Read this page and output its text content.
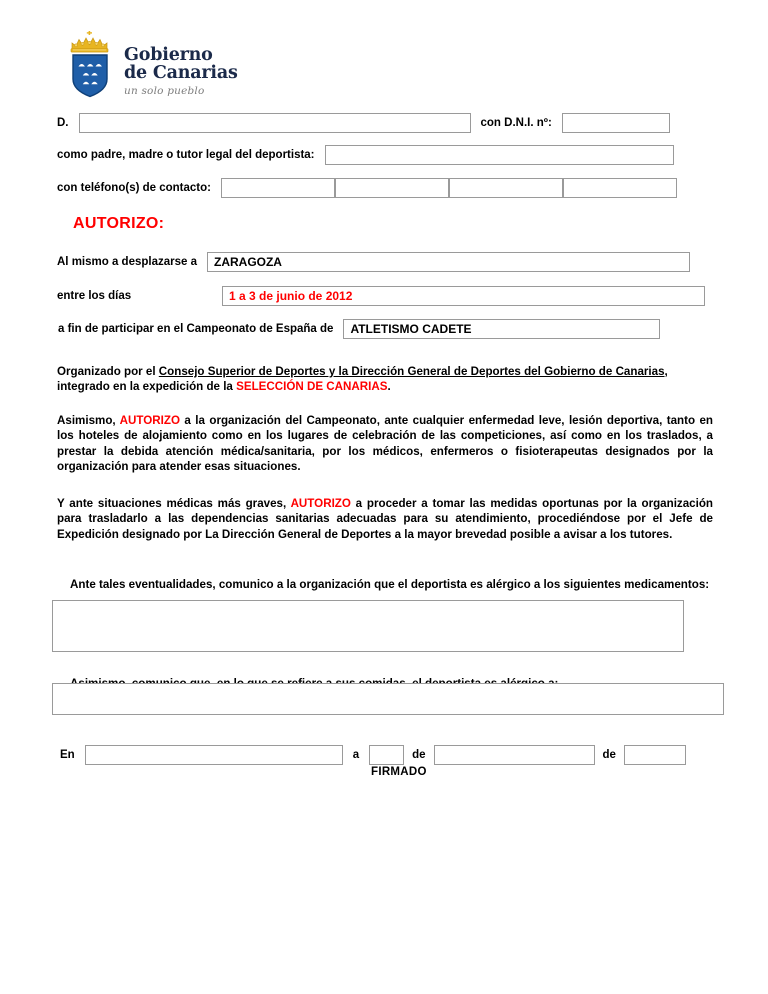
Gobierno
de Canarias
un solo pueblo
D.	con D.N.I. nº:
como padre, madre o tutor legal del deportista:
con teléfono(s) de contacto:
AUTORIZO:
Al mismo a desplazarse a	ZARAGOZA
entre los días	1 a 3 de junio de 2012
a fin de participar en el Campeonato de España de	ATLETISMO CADETE

Organizado por el Consejo Superior de Deportes y la Dirección General de Deportes del Gobierno de Canarias, integrado en la expedición de la SELECCIÓN DE CANARIAS.

Asimismo, AUTORIZO a la organización del Campeonato, ante cualquier enfermedad leve, lesión deportiva, tanto en los hoteles de alojamiento como en los lugares de celebración de las competiciones, así como en los traslados, a prestar la debida atención médica/sanitaria, por los médicos, enfermeros o fisioterapeutas designados por la organización para atender esas situaciones.

Y ante situaciones médicas más graves, AUTORIZO a proceder a tomar las medidas oportunas por la organización para trasladarlo a las dependencias sanitarias adecuadas para su atendimiento, procediéndose por el Jefe de Expedición designado por La Dirección General de Deportes a la mayor brevedad posible a avisar a los tutores.

Ante tales eventualidades, comunico a la organización que el deportista es alérgico a los siguientes medicamentos:

En	a	de	de
FIRMADO
